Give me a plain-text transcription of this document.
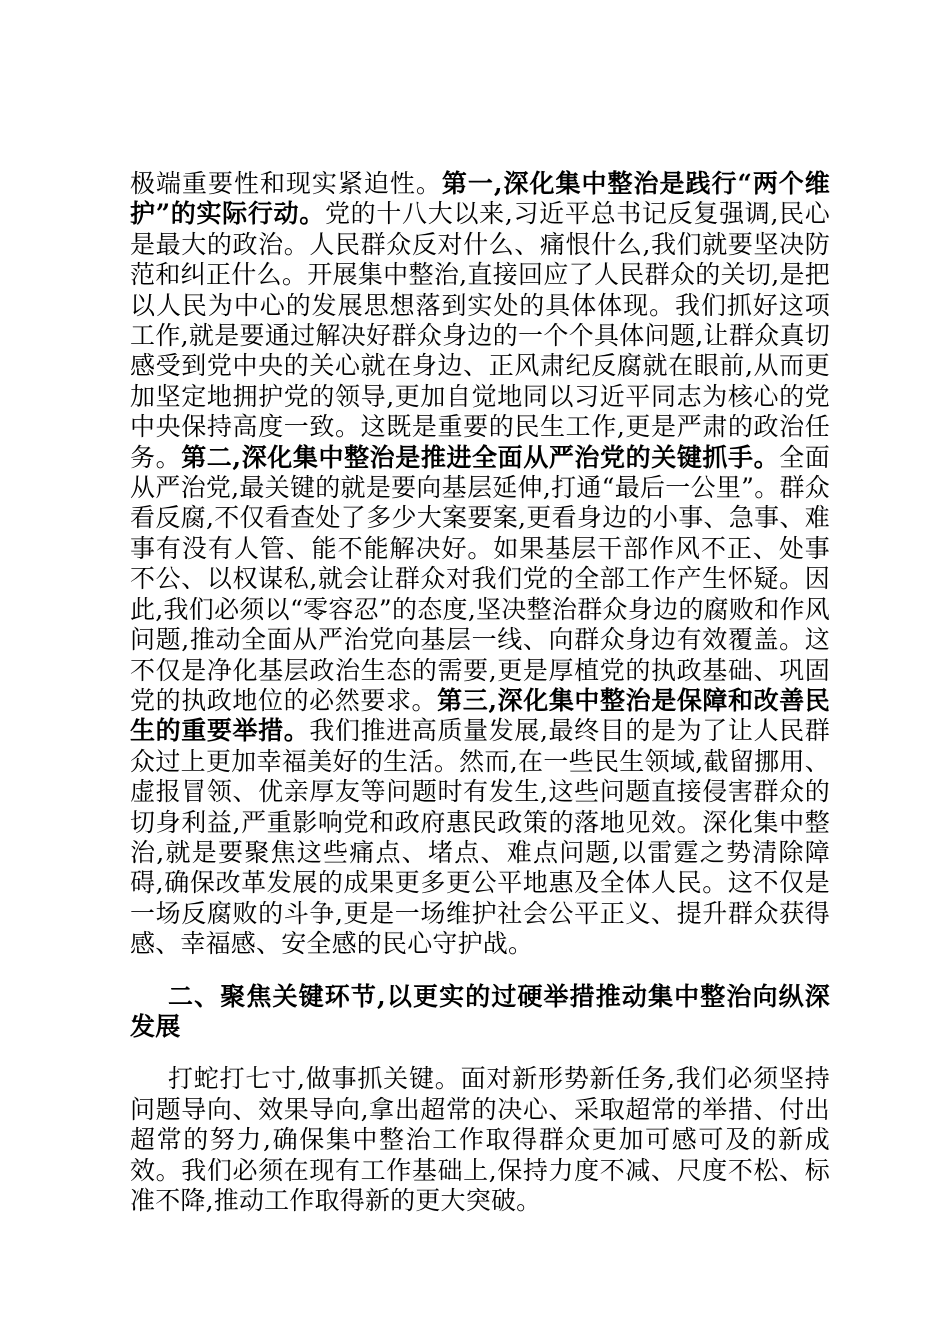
极端重要性和现实紧迫性。第一,深化集中整治是践行“两个维护”的实际行动。党的十八大以来,习近平总书记反复强调,民心是最大的政治。人民群众反对什么、痛恨什么,我们就要坚决防范和纠正什么。开展集中整治,直接回应了人民群众的关切,是把以人民为中心的发展思想落到实处的具体体现。我们抓好这项工作,就是要通过解决好群众身边的一个个具体问题,让群众真切感受到党中央的关心就在身边、正风肃纪反腐就在眼前,从而更加坚定地拥护党的领导,更加自觉地同以习近平同志为核心的党中央保持高度一致。这既是重要的民生工作,更是严肃的政治任务。第二,深化集中整治是推进全面从严治党的关键抓手。全面从严治党,最关键的就是要向基层延伸,打通“最后一公里”。群众看反腐,不仅看查处了多少大案要案,更看身边的小事、急事、难事有没有人管、能不能解决好。如果基层干部作风不正、处事不公、以权谋私,就会让群众对我们党的全部工作产生怀疑。因此,我们必须以“零容忍”的态度,坚决整治群众身边的腐败和作风问题,推动全面从严治党向基层一线、向群众身边有效覆盖。这不仅是净化基层政治生态的需要,更是厚植党的执政基础、巩固党的执政地位的必然要求。第三,深化集中整治是保障和改善民生的重要举措。我们推进高质量发展,最终目的是为了让人民群众过上更加幸福美好的生活。然而,在一些民生领域,截留挪用、虚报冒领、优亲厚友等问题时有发生,这些问题直接侵害群众的切身利益,严重影响党和政府惠民政策的落地见效。深化集中整治,就是要聚焦这些痛点、堵点、难点问题,以雷霆之势清除障碍,确保改革发展的成果更多更公平地惠及全体人民。这不仅是一场反腐败的斗争,更是一场维护社会公平正义、提升群众获得感、幸福感、安全感的民心守护战。

二、聚焦关键环节,以更实的过硬举措推动集中整治向纵深发展

打蛇打七寸,做事抓关键。面对新形势新任务,我们必须坚持问题导向、效果导向,拿出超常的决心、采取超常的举措、付出超常的努力,确保集中整治工作取得群众更加可感可及的新成效。我们必须在现有工作基础上,保持力度不减、尺度不松、标准不降,推动工作取得新的更大突破。
